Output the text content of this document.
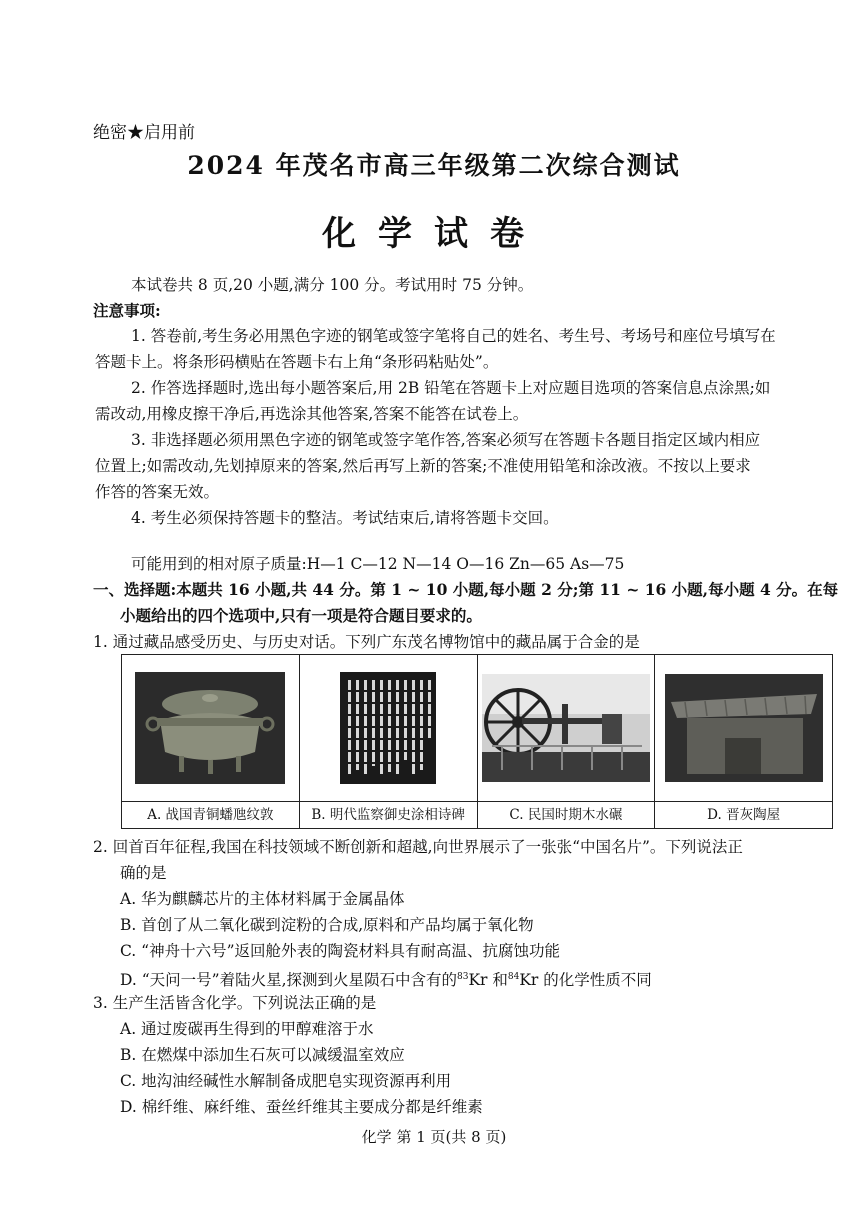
绝密★启用前
2024 年茂名市高三年级第二次综合测试
化学试卷
本试卷共 8 页,20 小题,满分 100 分。考试用时 75 分钟。
注意事项:
1. 答卷前,考生务必用黑色字迹的钢笔或签字笔将自己的姓名、考生号、考场号和座位号填写在
答题卡上。将条形码横贴在答题卡右上角“条形码粘贴处”。
2. 作答选择题时,选出每小题答案后,用 2B 铅笔在答题卡上对应题目选项的答案信息点涂黑;如
需改动,用橡皮擦干净后,再选涂其他答案,答案不能答在试卷上。
3. 非选择题必须用黑色字迹的钢笔或签字笔作答,答案必须写在答题卡各题目指定区域内相应
位置上;如需改动,先划掉原来的答案,然后再写上新的答案;不准使用铅笔和涂改液。不按以上要求
作答的答案无效。
4. 考生必须保持答题卡的整洁。考试结束后,请将答题卡交回。
可能用到的相对原子质量:H—1 C—12 N—14 O—16 Zn—65 As—75
一、选择题:本题共 16 小题,共 44 分。第 1 ~ 10 小题,每小题 2 分;第 11 ~ 16 小题,每小题 4 分。在每
小题给出的四个选项中,只有一项是符合题目要求的。
1. 通过藏品感受历史、与历史对话。下列广东茂名博物馆中的藏品属于合金的是
A. 战国青铜蟠虺纹敦	B. 明代监察御史涂相诗碑	C. 民国时期木水碾	D. 晋灰陶屋
2. 回首百年征程,我国在科技领域不断创新和超越,向世界展示了一张张“中国名片”。下列说法正
确的是
A. 华为麒麟芯片的主体材料属于金属晶体
B. 首创了从二氧化碳到淀粉的合成,原料和产品均属于氧化物
C. “神舟十六号”返回舱外表的陶瓷材料具有耐高温、抗腐蚀功能
D. “天问一号”着陆火星,探测到火星陨石中含有的$^{83}$Kr 和$^{84}$Kr 的化学性质不同
3. 生产生活皆含化学。下列说法正确的是
A. 通过废碳再生得到的甲醇难溶于水
B. 在燃煤中添加生石灰可以减缓温室效应
C. 地沟油经碱性水解制备成肥皂实现资源再利用
D. 棉纤维、麻纤维、蚕丝纤维其主要成分都是纤维素
化学 第 1 页(共 8 页)
